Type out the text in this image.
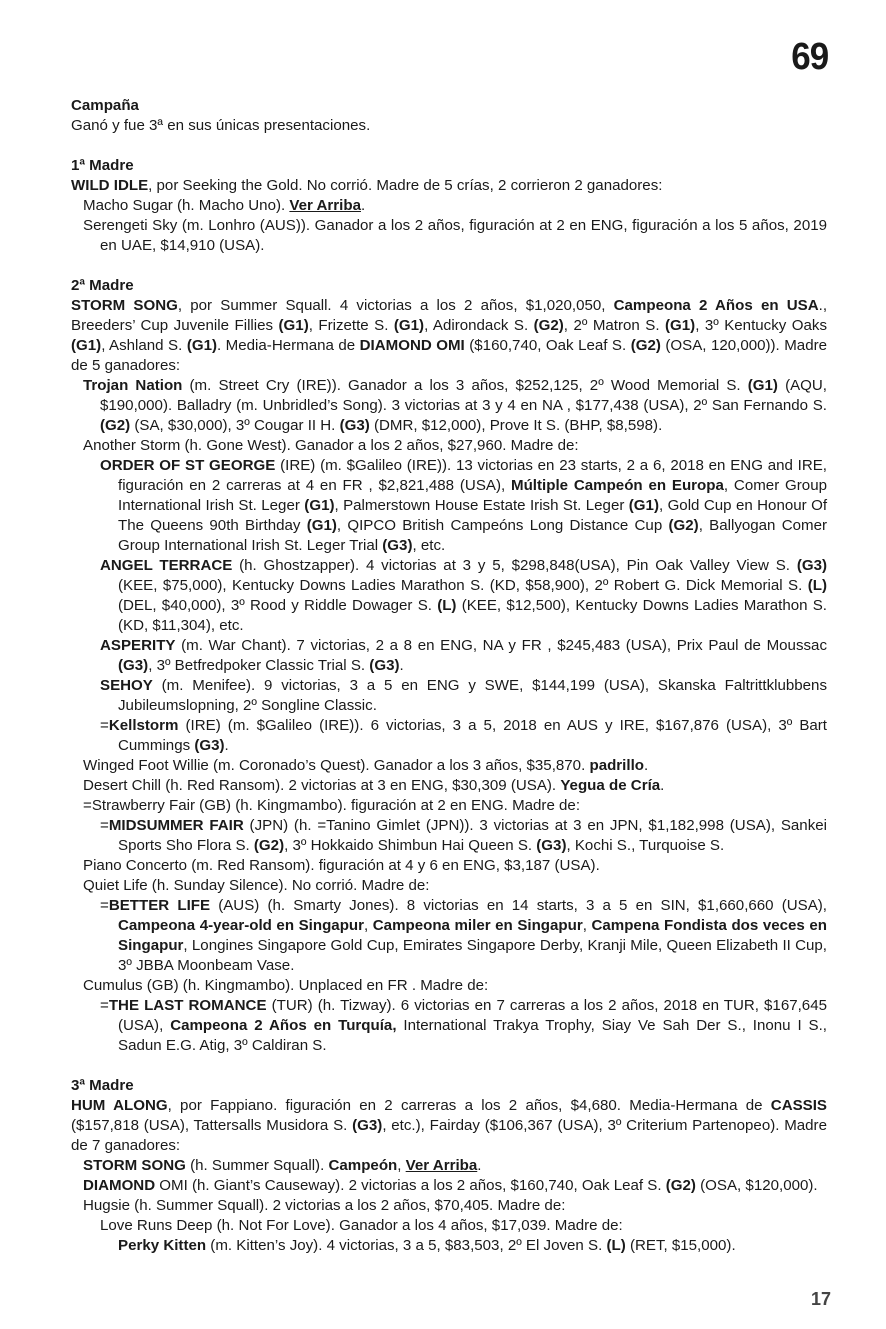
69
Campaña
Ganó y fue 3ª en sus únicas presentaciones.
1ª Madre
WILD IDLE, por Seeking the Gold. No corrió. Madre de 5 crías, 2 corrieron 2 ganadores:
Macho Sugar (h. Macho Uno). Ver Arriba.
Serengeti Sky (m. Lonhro (AUS)). Ganador a los 2 años, figuración at 2 en ENG, figuración a los 5 años, 2019 en UAE, $14,910 (USA).
2ª Madre
STORM SONG, por Summer Squall. 4 victorias a los 2 años, $1,020,050, Campeona 2 Años en USA., Breeders’ Cup Juvenile Fillies (G1), Frizette S. (G1), Adirondack S. (G2), 2º Matron S. (G1), 3º Kentucky Oaks (G1), Ashland S. (G1). Media-Hermana de DIAMOND OMI ($160,740, Oak Leaf S. (G2) (OSA, 120,000)). Madre de 5 ganadores:
Trojan Nation (m. Street Cry (IRE)). Ganador a los 3 años, $252,125, 2º Wood Memorial S. (G1) (AQU, $190,000). Balladry (m. Unbridled’s Song). 3 victorias at 3 y 4 en NA , $177,438 (USA), 2º San Fernando S. (G2) (SA, $30,000), 3º Cougar II H. (G3) (DMR, $12,000), Prove It S. (BHP, $8,598).
Another Storm (h. Gone West). Ganador a los 2 años, $27,960. Madre de:
ORDER OF ST GEORGE (IRE) (m. $Galileo (IRE)). 13 victorias en 23 starts, 2 a 6, 2018 en ENG and IRE, figuración en 2 carreras at 4 en FR , $2,821,488 (USA), Múltiple Campeón en Europa, Comer Group International Irish St. Leger (G1), Palmerstown House Estate Irish St. Leger (G1), Gold Cup en Honour Of The Queens 90th Birthday (G1), QIPCO British Campeóns Long Distance Cup (G2), Ballyogan Comer Group International Irish St. Leger Trial (G3), etc.
ANGEL TERRACE (h. Ghostzapper). 4 victorias at 3 y 5, $298,848(USA), Pin Oak Valley View S. (G3) (KEE, $75,000), Kentucky Downs Ladies Marathon S. (KD, $58,900), 2º Robert G. Dick Memorial S. (L) (DEL, $40,000), 3º Rood y Riddle Dowager S. (L) (KEE, $12,500), Kentucky Downs Ladies Marathon S. (KD, $11,304), etc.
ASPERITY (m. War Chant). 7 victorias, 2 a 8 en ENG, NA y FR , $245,483 (USA), Prix Paul de Moussac (G3), 3º Betfredpoker Classic Trial S. (G3).
SEHOY (m. Menifee). 9 victorias, 3 a 5 en ENG y SWE, $144,199 (USA), Skanska Faltrittklubbens Jubileumslopning, 2º Songline Classic.
=Kellstorm (IRE) (m. $Galileo (IRE)). 6 victorias, 3 a 5, 2018 en AUS y IRE, $167,876 (USA), 3º Bart Cummings (G3).
Winged Foot Willie (m. Coronado’s Quest). Ganador a los 3 años, $35,870. padrillo.
Desert Chill (h. Red Ransom). 2 victorias at 3 en ENG, $30,309 (USA). Yegua de Cría.
=Strawberry Fair (GB) (h. Kingmambo). figuración at 2 en ENG. Madre de:
=MIDSUMMER FAIR (JPN) (h. =Tanino Gimlet (JPN)). 3 victorias at 3 en JPN, $1,182,998 (USA), Sankei Sports Sho Flora S. (G2), 3º Hokkaido Shimbun Hai Queen S. (G3), Kochi S., Turquoise S.
Piano Concerto (m. Red Ransom). figuración at 4 y 6 en ENG, $3,187 (USA).
Quiet Life (h. Sunday Silence). No corrió. Madre de:
=BETTER LIFE (AUS) (h. Smarty Jones). 8 victorias en 14 starts, 3 a 5 en SIN, $1,660,660 (USA), Campeona 4-year-old en Singapur, Campeona miler en Singapur, Campena Fondista dos veces en Singapur, Longines Singapore Gold Cup, Emirates Singapore Derby, Kranji Mile, Queen Elizabeth II Cup, 3º JBBA Moonbeam Vase.
Cumulus (GB) (h. Kingmambo). Unplaced en FR . Madre de:
=THE LAST ROMANCE (TUR) (h. Tizway). 6 victorias en 7 carreras a los 2 años, 2018 en TUR, $167,645 (USA), Campeona 2 Años en Turquía, International Trakya Trophy, Siay Ve Sah Der S., Inonu I S., Sadun E.G. Atig, 3º Caldiran S.
3ª Madre
HUM ALONG, por Fappiano. figuración en 2 carreras a los 2 años, $4,680. Media-Hermana de CASSIS ($157,818 (USA), Tattersalls Musidora S. (G3), etc.), Fairday ($106,367 (USA), 3º Criterium Partenopeo). Madre de 7 ganadores:
STORM SONG (h. Summer Squall). Campeón, Ver Arriba.
DIAMOND OMI (h. Giant’s Causeway). 2 victorias a los 2 años, $160,740, Oak Leaf S. (G2) (OSA, $120,000).
Hugsie (h. Summer Squall). 2 victorias a los 2 años, $70,405. Madre de:
Love Runs Deep (h. Not For Love). Ganador a los 4 años, $17,039. Madre de:
Perky Kitten (m. Kitten’s Joy). 4 victorias, 3 a 5, $83,503, 2º El Joven S. (L) (RET, $15,000).
17
